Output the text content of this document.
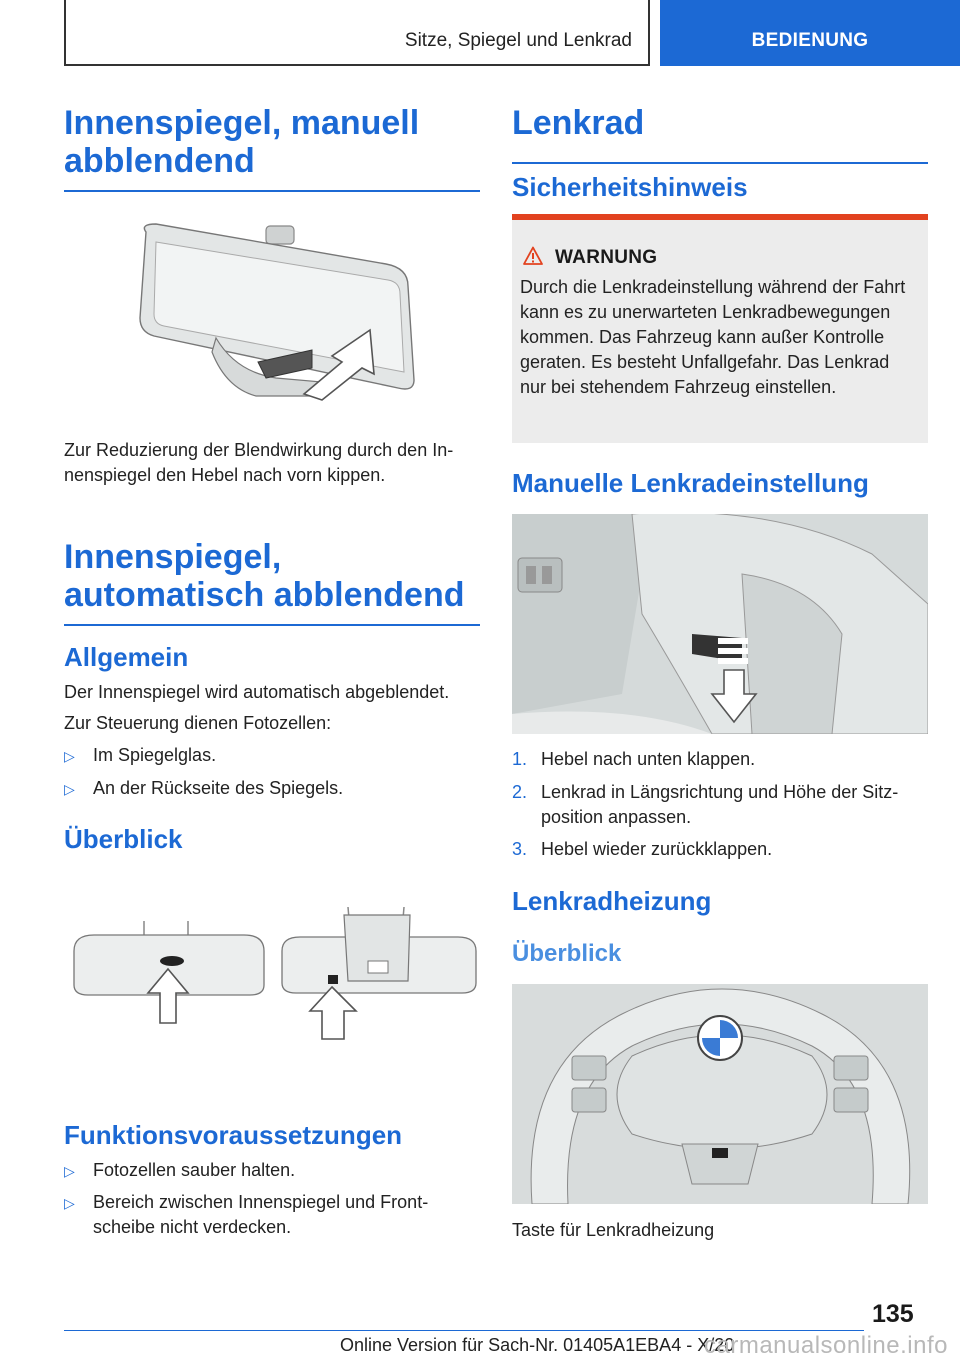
Sitze, Spiegel und Lenkrad	BEDIENUNG
Innenspiegel, manuell abblendend
Zur Reduzierung der Blendwirkung durch den Innenspiegel den Hebel nach vorn kippen.
Innenspiegel, automatisch abblendend
Allgemein
Der Innenspiegel wird automatisch abgeblendet.
Zur Steuerung dienen Fotozellen:
▷ Im Spiegelglas.
▷ An der Rückseite des Spiegels.
Überblick
Funktionsvoraussetzungen
▷ Fotozellen sauber halten.
▷ Bereich zwischen Innenspiegel und Frontscheibe nicht verdecken.
Lenkrad
Sicherheitshinweis
WARNUNG
Durch die Lenkradeinstellung während der Fahrt kann es zu unerwarteten Lenkradbewegungen kommen. Das Fahrzeug kann außer Kontrolle geraten. Es besteht Unfallgefahr. Das Lenkrad nur bei stehendem Fahrzeug einstellen.
Manuelle Lenkradeinstellung
1. Hebel nach unten klappen.
2. Lenkrad in Längsrichtung und Höhe der Sitzposition anpassen.
3. Hebel wieder zurückklappen.
Lenkradheizung
Überblick
Taste für Lenkradheizung
135
Online Version für Sach-Nr. 01405A1EBA4 - X/20
carmanualsonline.info
